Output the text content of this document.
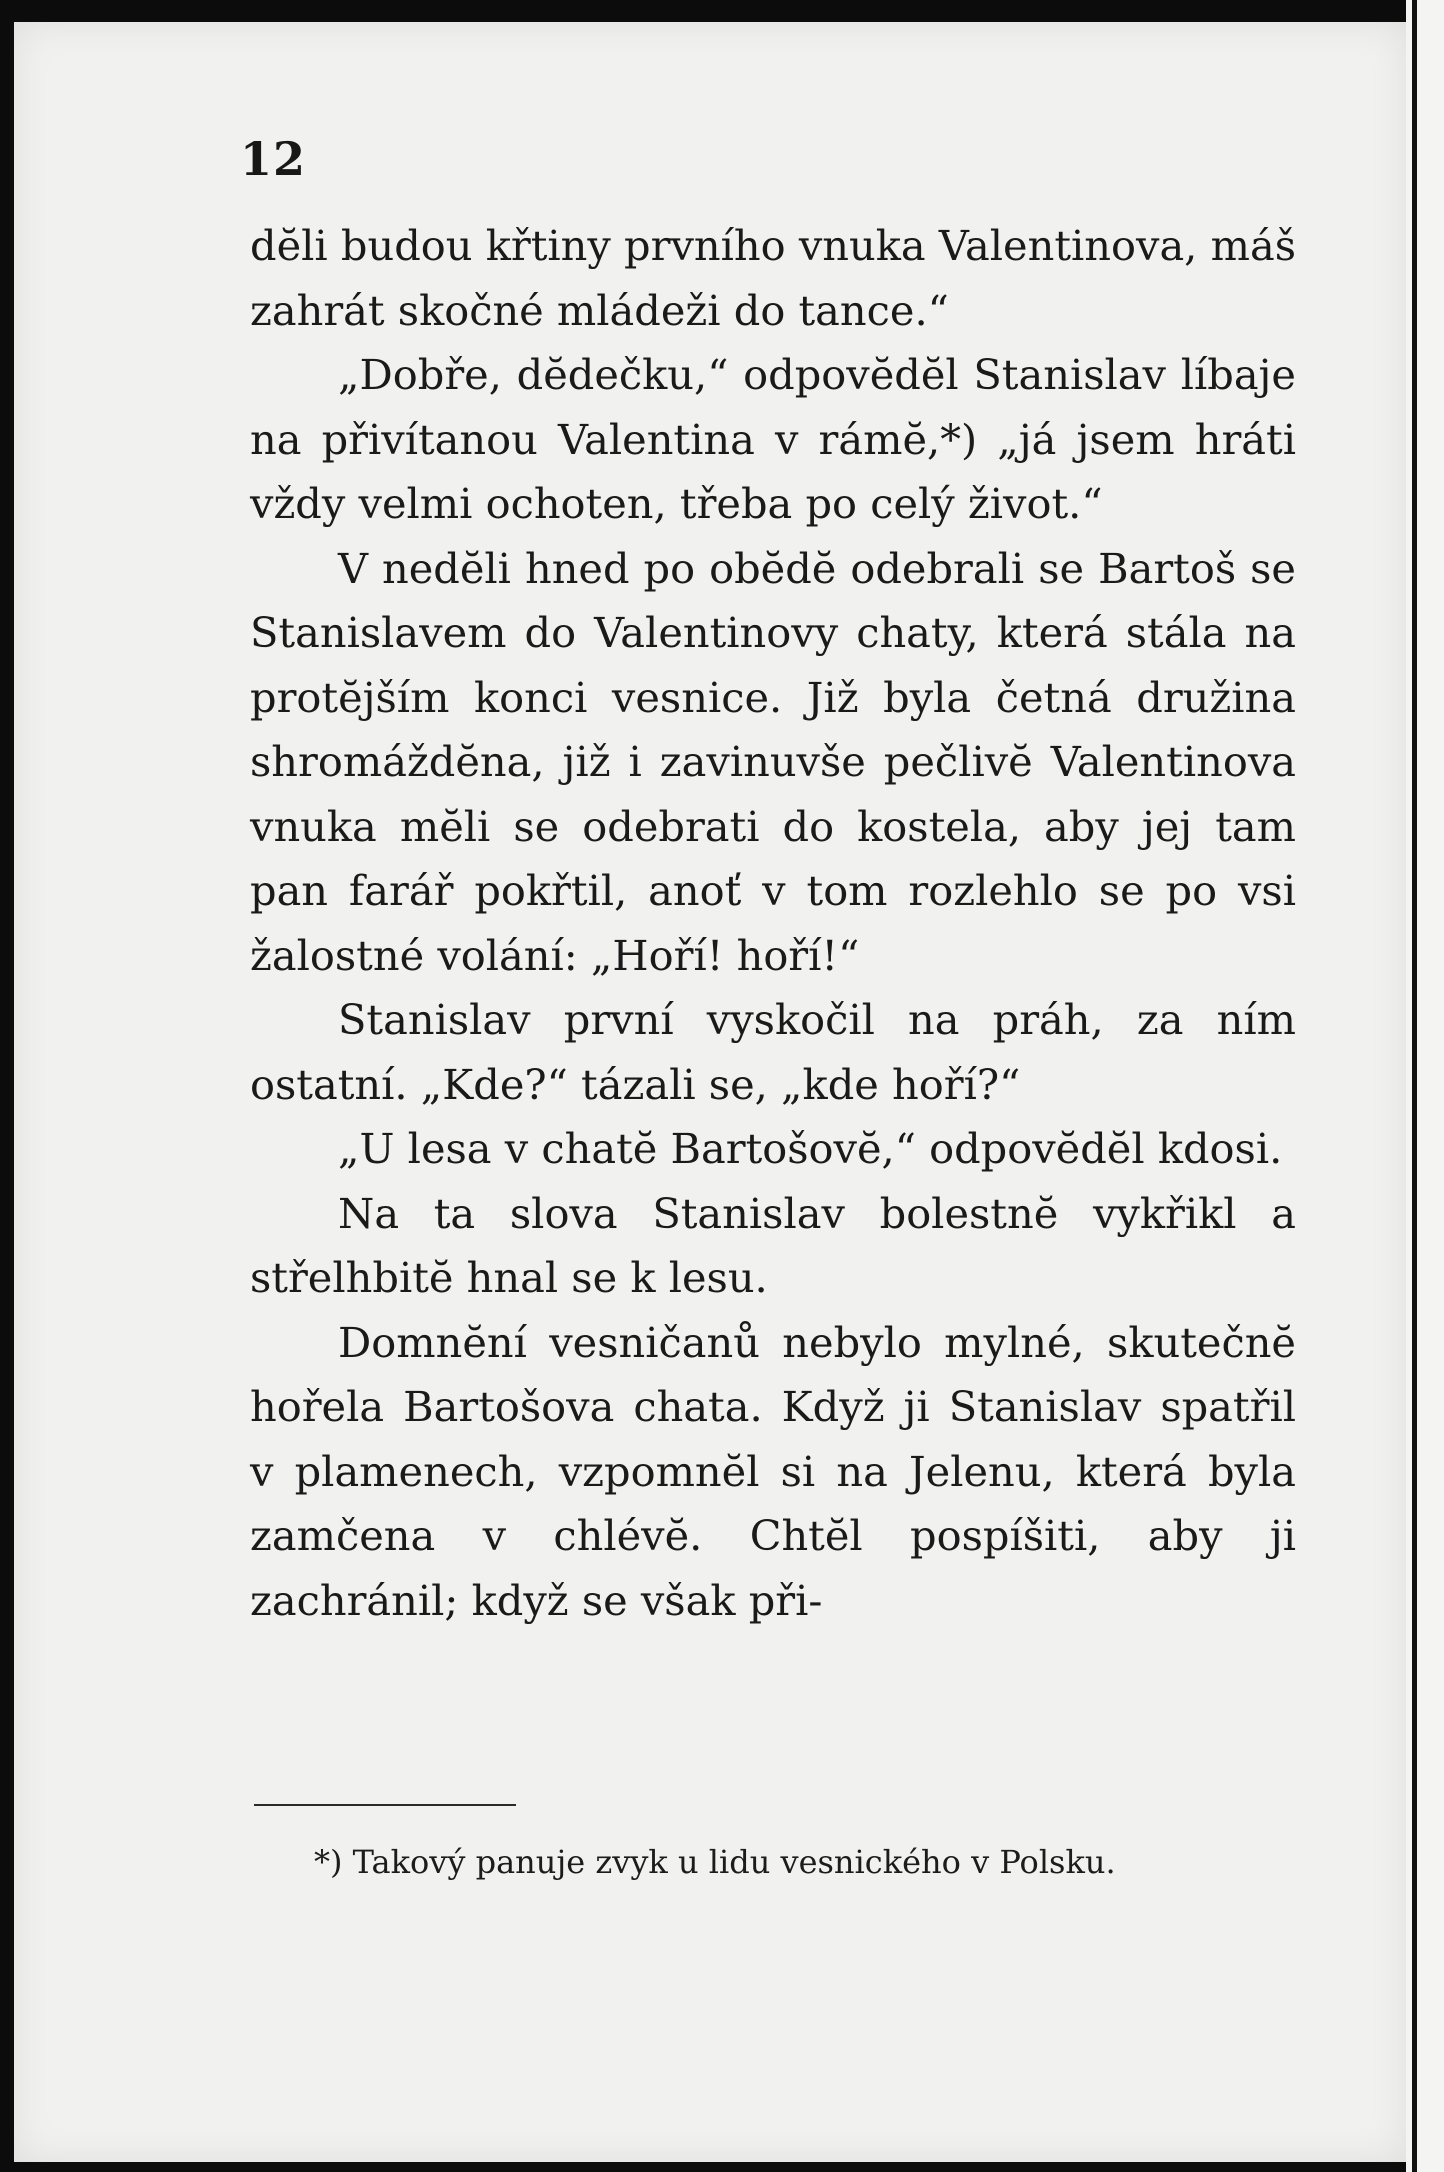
12

dĕli budou křtiny prvního vnuka Valentinova, máš zahrát skočné mládeži do tance.“

„Dobře, dĕdečku,“ odpovĕdĕl Stanislav líbaje na přivítanou Valentina v rámĕ,*) „já jsem hráti vždy velmi ochoten, třeba po celý život.“

V nedĕli hned po obĕdĕ odebrali se Bartoš se Stanislavem do Valentinovy chaty, která stála na protĕjším konci vesnice. Již byla četná družina shromáždĕna, již i zavinuvše pečlivĕ Valentinova vnuka mĕli se odebrati do kostela, aby jej tam pan farář pokřtil, anoť v tom rozlehlo se po vsi žalostné volání: „Hoří! hoří!“

Stanislav první vyskočil na práh, za ním ostatní. „Kde?“ tázali se, „kde hoří?“

„U lesa v chatĕ Bartošovĕ,“ odpovĕdĕl kdosi.

Na ta slova Stanislav bolestnĕ vykřikl a střelhbitĕ hnal se k lesu.

Domnĕní vesničanů nebylo mylné, skutečnĕ hořela Bartošova chata. Když ji Stanislav spatřil v plamenech, vzpomnĕl si na Jelenu, která byla zamčena v chlévĕ. Chtĕl pospíšiti, aby ji zachránil; když se však při-

*) Takový panuje zvyk u lidu vesnického v Polsku.
